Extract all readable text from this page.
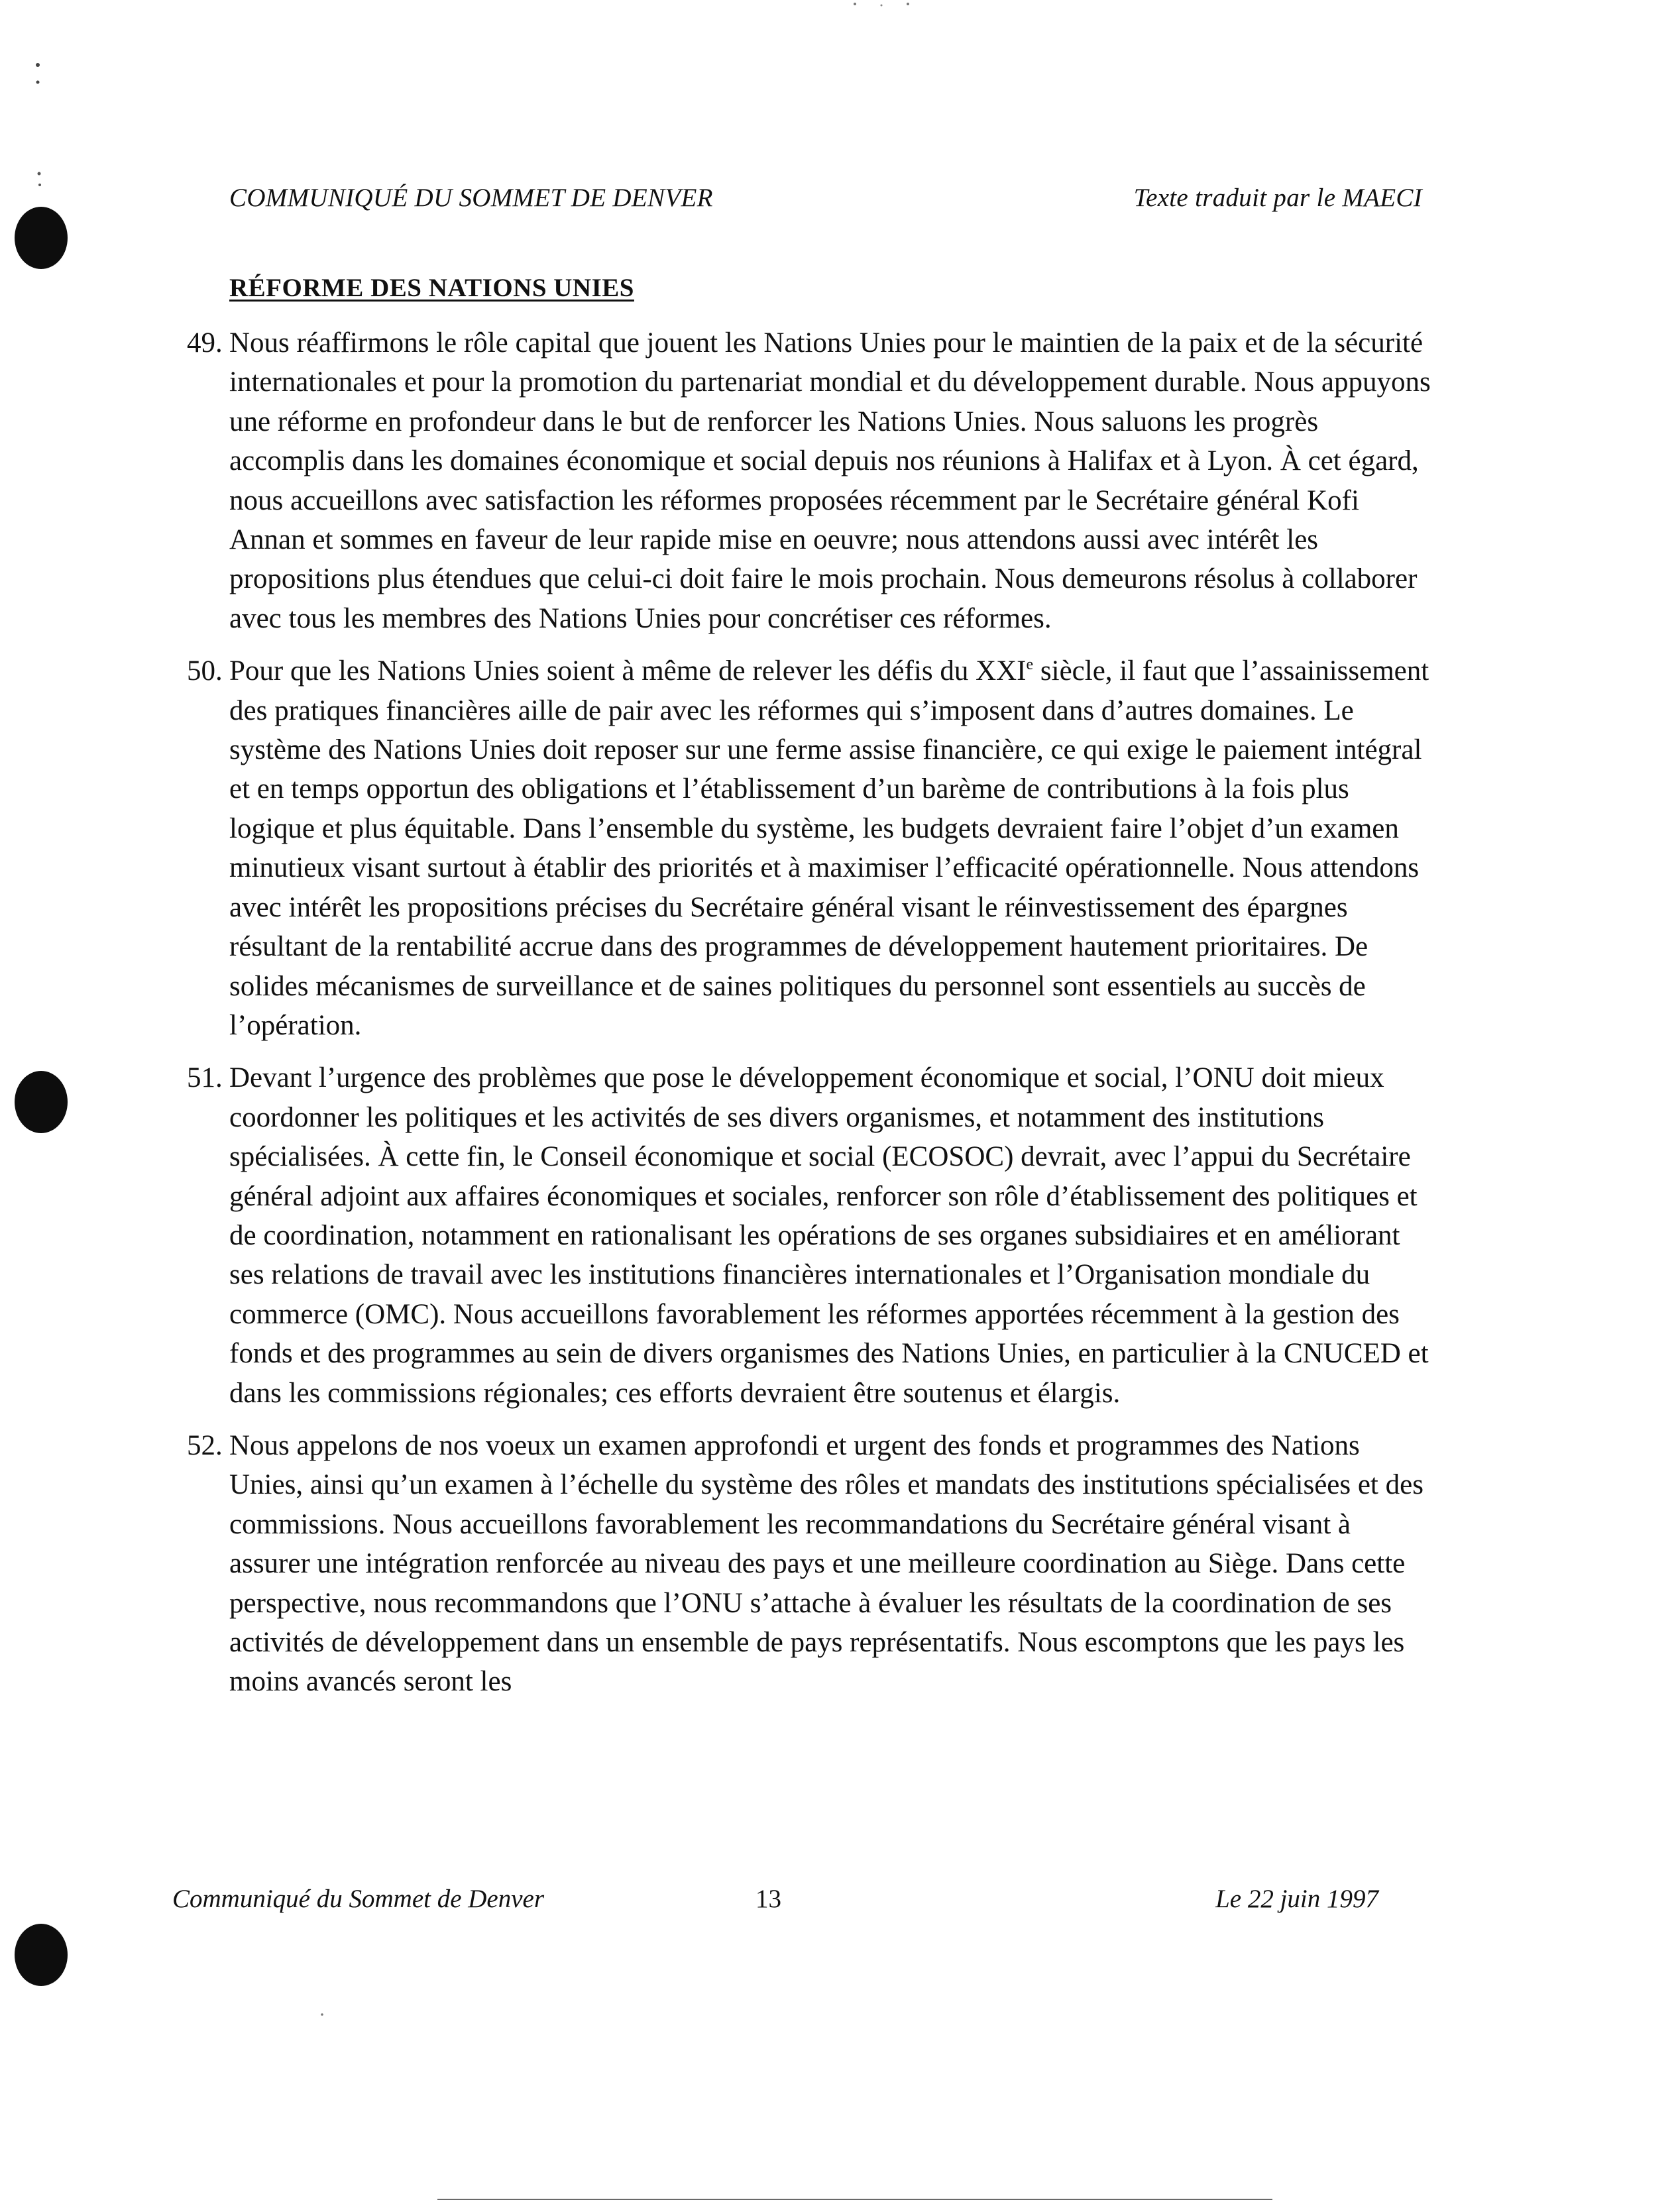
COMMUNIQUÉ DU SOMMET DE DENVER	Texte traduit par le MAECI
RÉFORME DES NATIONS UNIES
49. Nous réaffirmons le rôle capital que jouent les Nations Unies pour le maintien de la paix et de la sécurité internationales et pour la promotion du partenariat mondial et du développement durable. Nous appuyons une réforme en profondeur dans le but de renforcer les Nations Unies. Nous saluons les progrès accomplis dans les domaines économique et social depuis nos réunions à Halifax et à Lyon. À cet égard, nous accueillons avec satisfaction les réformes proposées récemment par le Secrétaire général Kofi Annan et sommes en faveur de leur rapide mise en oeuvre; nous attendons aussi avec intérêt les propositions plus étendues que celui-ci doit faire le mois prochain. Nous demeurons résolus à collaborer avec tous les membres des Nations Unies pour concrétiser ces réformes.
50. Pour que les Nations Unies soient à même de relever les défis du XXIe siècle, il faut que l’assainissement des pratiques financières aille de pair avec les réformes qui s’imposent dans d’autres domaines. Le système des Nations Unies doit reposer sur une ferme assise financière, ce qui exige le paiement intégral et en temps opportun des obligations et l’établissement d’un barème de contributions à la fois plus logique et plus équitable. Dans l’ensemble du système, les budgets devraient faire l’objet d’un examen minutieux visant surtout à établir des priorités et à maximiser l’efficacité opérationnelle. Nous attendons avec intérêt les propositions précises du Secrétaire général visant le réinvestissement des épargnes résultant de la rentabilité accrue dans des programmes de développement hautement prioritaires. De solides mécanismes de surveillance et de saines politiques du personnel sont essentiels au succès de l’opération.
51. Devant l’urgence des problèmes que pose le développement économique et social, l’ONU doit mieux coordonner les politiques et les activités de ses divers organismes, et notamment des institutions spécialisées. À cette fin, le Conseil économique et social (ECOSOC) devrait, avec l’appui du Secrétaire général adjoint aux affaires économiques et sociales, renforcer son rôle d’établissement des politiques et de coordination, notamment en rationalisant les opérations de ses organes subsidiaires et en améliorant ses relations de travail avec les institutions financières internationales et l’Organisation mondiale du commerce (OMC). Nous accueillons favorablement les réformes apportées récemment à la gestion des fonds et des programmes au sein de divers organismes des Nations Unies, en particulier à la CNUCED et dans les commissions régionales; ces efforts devraient être soutenus et élargis.
52. Nous appelons de nos voeux un examen approfondi et urgent des fonds et programmes des Nations Unies, ainsi qu’un examen à l’échelle du système des rôles et mandats des institutions spécialisées et des commissions. Nous accueillons favorablement les recommandations du Secrétaire général visant à assurer une intégration renforcée au niveau des pays et une meilleure coordination au Siège. Dans cette perspective, nous recommandons que l’ONU s’attache à évaluer les résultats de la coordination de ses activités de développement dans un ensemble de pays représentatifs. Nous escomptons que les pays les moins avancés seront les
Communiqué du Sommet de Denver	13	Le 22 juin 1997
